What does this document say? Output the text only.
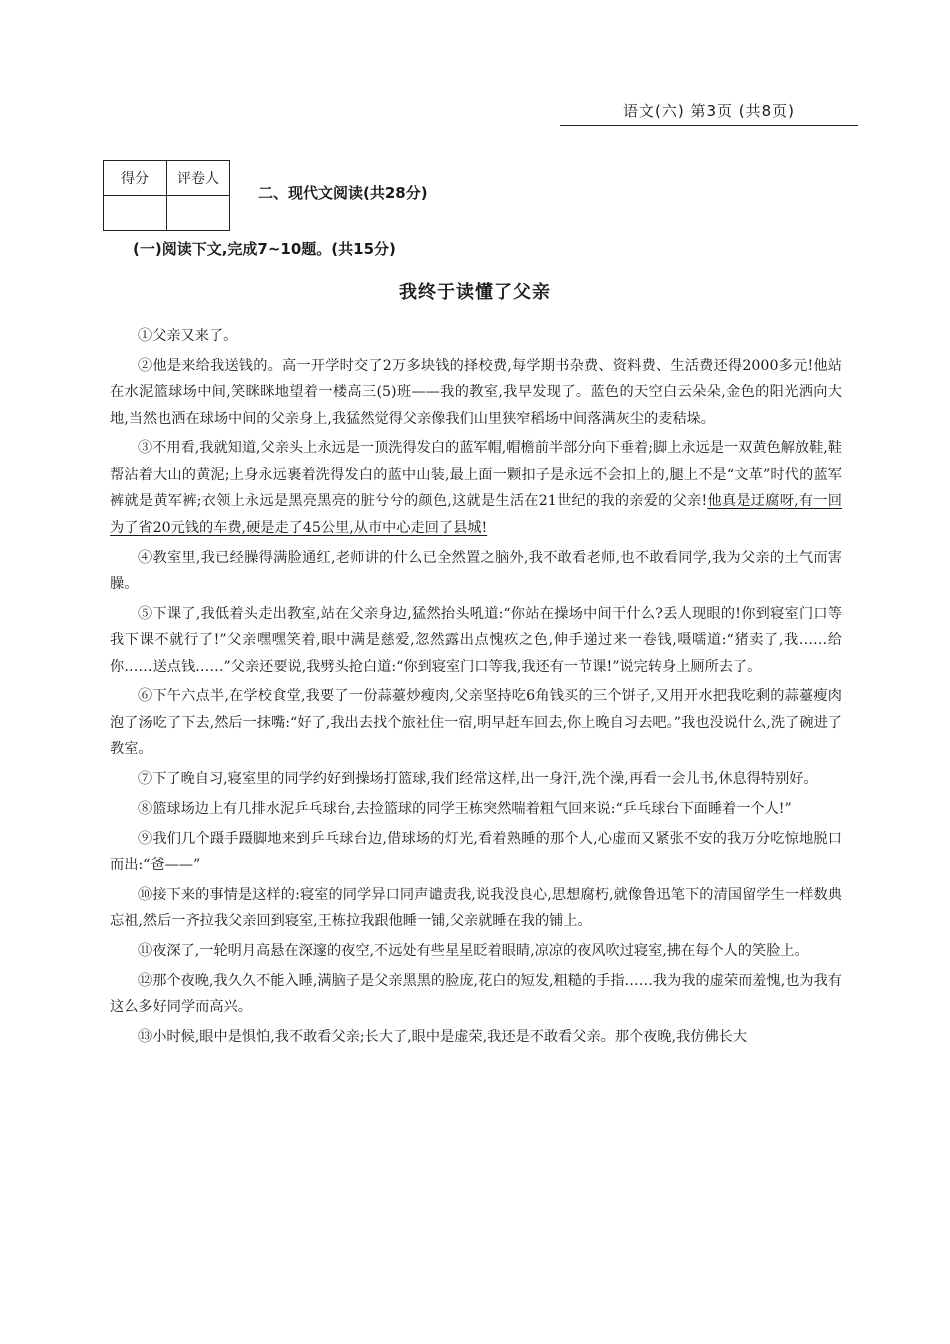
语文(六) 第3页 (共8页)
得分	评卷人

二、现代文阅读(共28分)
(一)阅读下文,完成7~10题。(共15分)
我终于读懂了父亲

①父亲又来了。

②他是来给我送钱的。高一开学时交了2万多块钱的择校费,每学期书杂费、资料费、生活费还得2000多元!他站在水泥篮球场中间,笑眯眯地望着一楼高三(5)班——我的教室,我早发现了。蓝色的天空白云朵朵,金色的阳光洒向大地,当然也洒在球场中间的父亲身上,我猛然觉得父亲像我们山里狭窄稻场中间落满灰尘的麦秸垛。

③不用看,我就知道,父亲头上永远是一顶洗得发白的蓝军帽,帽檐前半部分向下垂着;脚上永远是一双黄色解放鞋,鞋帮沾着大山的黄泥;上身永远裹着洗得发白的蓝中山装,最上面一颗扣子是永远不会扣上的,腿上不是“文革”时代的蓝军裤就是黄军裤;衣领上永远是黑亮黑亮的脏兮兮的颜色,这就是生活在21世纪的我的亲爱的父亲!他真是迂腐呀,有一回为了省20元钱的车费,硬是走了45公里,从市中心走回了县城!

④教室里,我已经臊得满脸通红,老师讲的什么已全然置之脑外,我不敢看老师,也不敢看同学,我为父亲的土气而害臊。

⑤下课了,我低着头走出教室,站在父亲身边,猛然抬头吼道:“你站在操场中间干什么?丢人现眼的!你到寝室门口等我下课不就行了!”父亲嘿嘿笑着,眼中满是慈爱,忽然露出点愧疚之色,伸手递过来一卷钱,嗫嚅道:“猪卖了,我……给你……送点钱……”父亲还要说,我劈头抢白道:“你到寝室门口等我,我还有一节课!”说完转身上厕所去了。

⑥下午六点半,在学校食堂,我要了一份蒜薹炒瘦肉,父亲坚持吃6角钱买的三个饼子,又用开水把我吃剩的蒜薹瘦肉泡了汤吃了下去,然后一抹嘴:“好了,我出去找个旅社住一宿,明早赶车回去,你上晚自习去吧。”我也没说什么,洗了碗进了教室。

⑦下了晚自习,寝室里的同学约好到操场打篮球,我们经常这样,出一身汗,洗个澡,再看一会儿书,休息得特别好。

⑧篮球场边上有几排水泥乒乓球台,去捡篮球的同学王栋突然喘着粗气回来说:“乒乓球台下面睡着一个人!”

⑨我们几个蹑手蹑脚地来到乒乓球台边,借球场的灯光,看着熟睡的那个人,心虚而又紧张不安的我万分吃惊地脱口而出:“爸——”

⑩接下来的事情是这样的:寝室的同学异口同声谴责我,说我没良心,思想腐朽,就像鲁迅笔下的清国留学生一样数典忘祖,然后一齐拉我父亲回到寝室,王栋拉我跟他睡一铺,父亲就睡在我的铺上。

⑪夜深了,一轮明月高悬在深邃的夜空,不远处有些星星眨着眼睛,凉凉的夜风吹过寝室,拂在每个人的笑脸上。

⑫那个夜晚,我久久不能入睡,满脑子是父亲黑黑的脸庞,花白的短发,粗糙的手指……我为我的虚荣而羞愧,也为我有这么多好同学而高兴。

⑬小时候,眼中是惧怕,我不敢看父亲;长大了,眼中是虚荣,我还是不敢看父亲。那个夜晚,我仿佛长大
